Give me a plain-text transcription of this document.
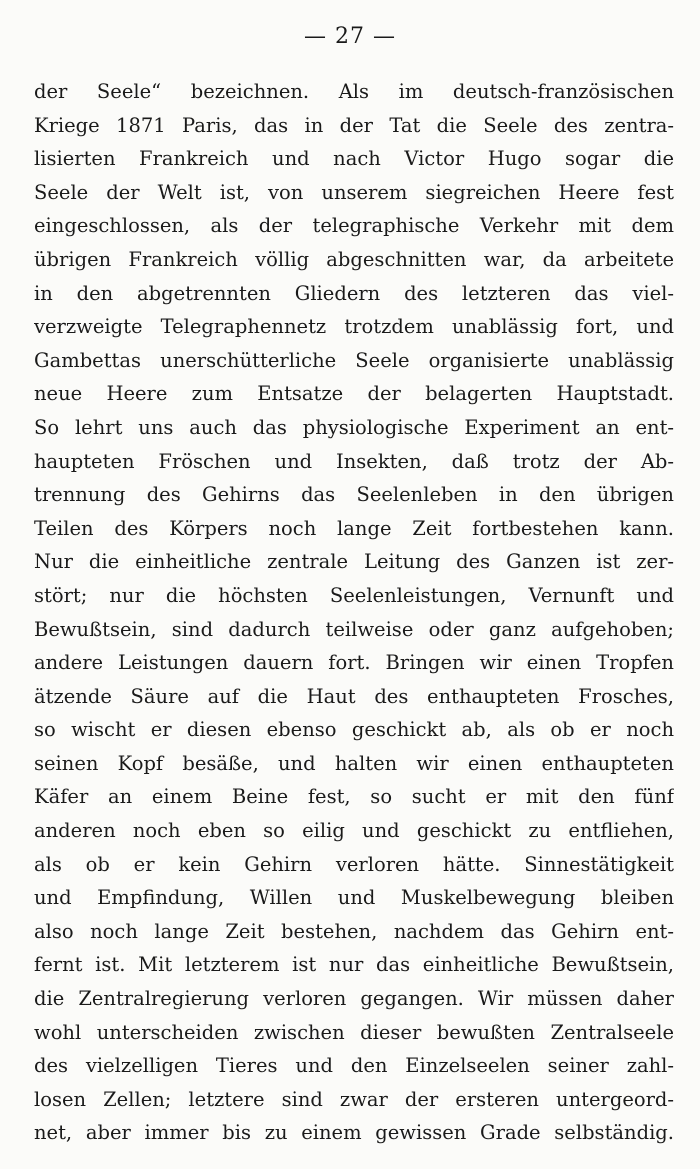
— 27 —
der Seele“ bezeichnen. Als im deutsch-französischen
Kriege 1871 Paris, das in der Tat die Seele des zentra-
lisierten Frankreich und nach Victor Hugo sogar die
Seele der Welt ist, von unserem siegreichen Heere fest
eingeschlossen, als der telegraphische Verkehr mit dem
übrigen Frankreich völlig abgeschnitten war, da arbeitete
in den abgetrennten Gliedern des letzteren das viel-
verzweigte Telegraphennetz trotzdem unablässig fort, und
Gambettas unerschütterliche Seele organisierte unablässig
neue Heere zum Entsatze der belagerten Hauptstadt.
So lehrt uns auch das physiologische Experiment an ent-
haupteten Fröschen und Insekten, daß trotz der Ab-
trennung des Gehirns das Seelenleben in den übrigen
Teilen des Körpers noch lange Zeit fortbestehen kann.
Nur die einheitliche zentrale Leitung des Ganzen ist zer-
stört; nur die höchsten Seelenleistungen, Vernunft und
Bewußtsein, sind dadurch teilweise oder ganz aufgehoben;
andere Leistungen dauern fort. Bringen wir einen Tropfen
ätzende Säure auf die Haut des enthaupteten Frosches,
so wischt er diesen ebenso geschickt ab, als ob er noch
seinen Kopf besäße, und halten wir einen enthaupteten
Käfer an einem Beine fest, so sucht er mit den fünf
anderen noch eben so eilig und geschickt zu entfliehen,
als ob er kein Gehirn verloren hätte. Sinnestätigkeit
und Empfindung, Willen und Muskelbewegung bleiben
also noch lange Zeit bestehen, nachdem das Gehirn ent-
fernt ist. Mit letzterem ist nur das einheitliche Bewußtsein,
die Zentralregierung verloren gegangen. Wir müssen daher
wohl unterscheiden zwischen dieser bewußten Zentralseele
des vielzelligen Tieres und den Einzelseelen seiner zahl-
losen Zellen; letztere sind zwar der ersteren untergeord-
net, aber immer bis zu einem gewissen Grade selbständig.
